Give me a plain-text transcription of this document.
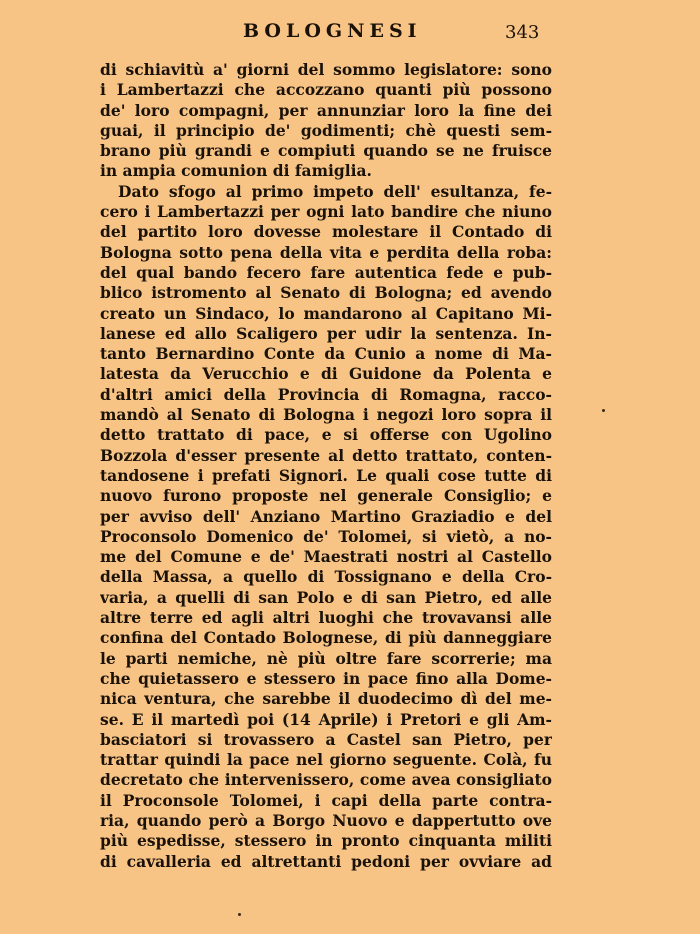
BOLOGNESI	343
di schiavitù a' giorni del sommo legislatore: sono
i Lambertazzi che accozzano quanti più possono
de' loro compagni, per annunziar loro la fine dei
guai, il principio de' godimenti; chè questi sem-
brano più grandi e compiuti quando se ne fruisce
in ampia comunion di famiglia.
Dato sfogo al primo impeto dell' esultanza, fe-
cero i Lambertazzi per ogni lato bandire che niuno
del partito loro dovesse molestare il Contado di
Bologna sotto pena della vita e perdita della roba:
del qual bando fecero fare autentica fede e pub-
blico istromento al Senato di Bologna; ed avendo
creato un Sindaco, lo mandarono al Capitano Mi-
lanese ed allo Scaligero per udir la sentenza. In-
tanto Bernardino Conte da Cunio a nome di Ma-
latesta da Verucchio e di Guidone da Polenta e
d'altri amici della Provincia di Romagna, racco-
mandò al Senato di Bologna i negozi loro sopra il
detto trattato di pace, e si offerse con Ugolino
Bozzola d'esser presente al detto trattato, conten-
tandosene i prefati Signori. Le quali cose tutte di
nuovo furono proposte nel generale Consiglio; e
per avviso dell' Anziano Martino Graziadio e del
Proconsolo Domenico de' Tolomei, si vietò, a no-
me del Comune e de' Maestrati nostri al Castello
della Massa, a quello di Tossignano e della Cro-
varia, a quelli di san Polo e di san Pietro, ed alle
altre terre ed agli altri luoghi che trovavansi alle
confina del Contado Bolognese, di più danneggiare
le parti nemiche, nè più oltre fare scorrerie; ma
che quietassero e stessero in pace fino alla Dome-
nica ventura, che sarebbe il duodecimo dì del me-
se. E il martedì poi (14 Aprile) i Pretori e gli Am-
basciatori si trovassero a Castel san Pietro, per
trattar quindi la pace nel giorno seguente. Colà, fu
decretato che intervenissero, come avea consigliato
il Proconsole Tolomei, i capi della parte contra-
ria, quando però a Borgo Nuovo e dappertutto ove
più espedisse, stessero in pronto cinquanta militi
di cavalleria ed altrettanti pedoni per ovviare ad
